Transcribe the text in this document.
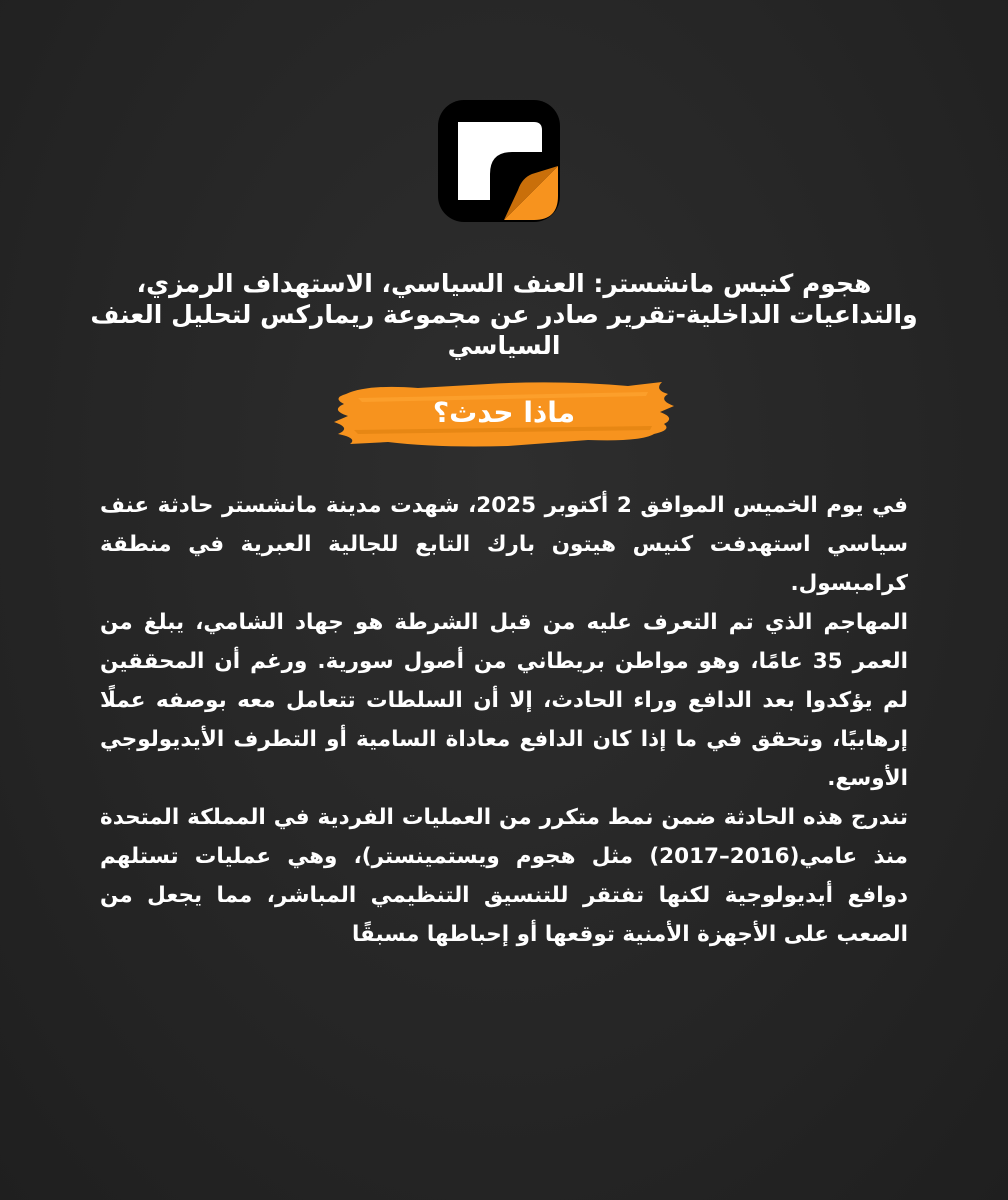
هجوم كنيس مانشستر: العنف السياسي، الاستهداف الرمزي، والتداعيات الداخلية-تقرير صادر عن مجموعة ريماركس لتحليل العنف السياسي
ماذا حدث؟

في يوم الخميس الموافق 2 أكتوبر 2025، شهدت مدينة مانشستر حادثة عنف سياسي استهدفت كنيس هيتون بارك التابع للجالية العبرية في منطقة كرامبسول.

المهاجم الذي تم التعرف عليه من قبل الشرطة هو جهاد الشامي، يبلغ من العمر 35 عامًا، وهو مواطن بريطاني من أصول سورية. ورغم أن المحققين لم يؤكدوا بعد الدافع وراء الحادث، إلا أن السلطات تتعامل معه بوصفه عملًا إرهابيًا، وتحقق في ما إذا كان الدافع معاداة السامية أو التطرف الأيديولوجي الأوسع.

تندرج هذه الحادثة ضمن نمط متكرر من العمليات الفردية في المملكة المتحدة منذ عامي(2016–2017) مثل هجوم ويستمينستر)، وهي عمليات تستلهم دوافع أيديولوجية لكنها تفتقر للتنسيق التنظيمي المباشر، مما يجعل من الصعب على الأجهزة الأمنية توقعها أو إحباطها مسبقًا
